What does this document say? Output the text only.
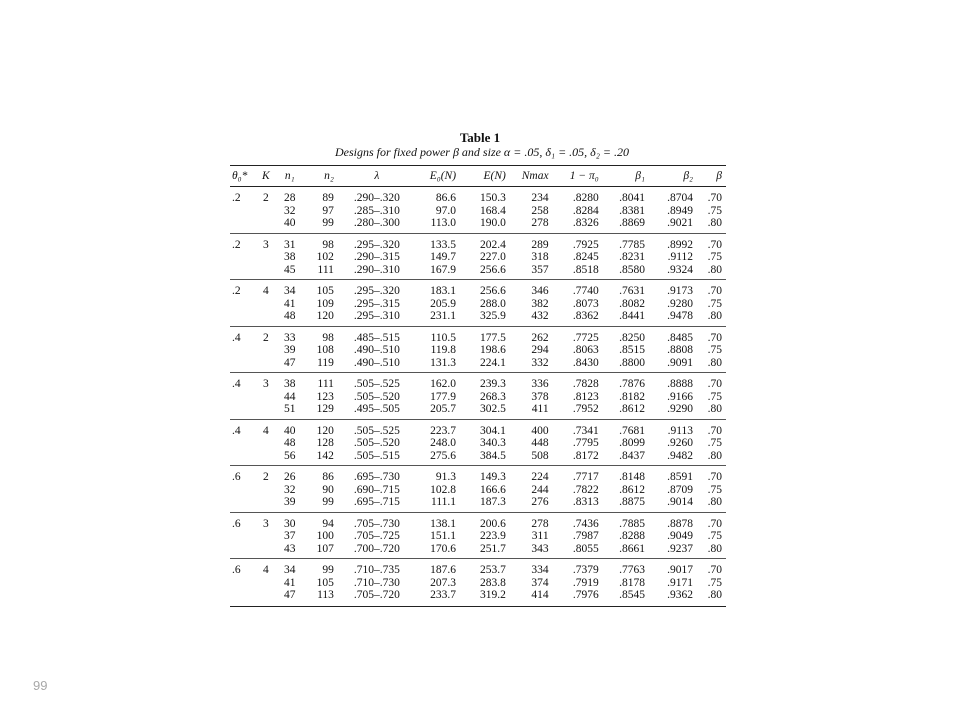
Table 1
Designs for fixed power β and size α = .05, δ₁ = .05, δ₂ = .20
θ₀*	K	n₁	n₂	λ	E₀(N)	E(N)	Nmax	1 − π₀	β₁	β₂	β
.2	2	28	89	.290–.320	86.6	150.3	234	.8280	.8041	.8704	.70
		32	97	.285–.310	97.0	168.4	258	.8284	.8381	.8949	.75
		40	99	.280–.300	113.0	190.0	278	.8326	.8869	.9021	.80
.2	3	31	98	.295–.320	133.5	202.4	289	.7925	.7785	.8992	.70
		38	102	.290–.315	149.7	227.0	318	.8245	.8231	.9112	.75
		45	111	.290–.310	167.9	256.6	357	.8518	.8580	.9324	.80
.2	4	34	105	.295–.320	183.1	256.6	346	.7740	.7631	.9173	.70
		41	109	.295–.315	205.9	288.0	382	.8073	.8082	.9280	.75
		48	120	.295–.310	231.1	325.9	432	.8362	.8441	.9478	.80
.4	2	33	98	.485–.515	110.5	177.5	262	.7725	.8250	.8485	.70
		39	108	.490–.510	119.8	198.6	294	.8063	.8515	.8808	.75
		47	119	.490–.510	131.3	224.1	332	.8430	.8800	.9091	.80
.4	3	38	111	.505–.525	162.0	239.3	336	.7828	.7876	.8888	.70
		44	123	.505–.520	177.9	268.3	378	.8123	.8182	.9166	.75
		51	129	.495–.505	205.7	302.5	411	.7952	.8612	.9290	.80
.4	4	40	120	.505–.525	223.7	304.1	400	.7341	.7681	.9113	.70
		48	128	.505–.520	248.0	340.3	448	.7795	.8099	.9260	.75
		56	142	.505–.515	275.6	384.5	508	.8172	.8437	.9482	.80
.6	2	26	86	.695–.730	91.3	149.3	224	.7717	.8148	.8591	.70
		32	90	.690–.715	102.8	166.6	244	.7822	.8612	.8709	.75
		39	99	.695–.715	111.1	187.3	276	.8313	.8875	.9014	.80
.6	3	30	94	.705–.730	138.1	200.6	278	.7436	.7885	.8878	.70
		37	100	.705–.725	151.1	223.9	311	.7987	.8288	.9049	.75
		43	107	.700–.720	170.6	251.7	343	.8055	.8661	.9237	.80
.6	4	34	99	.710–.735	187.6	253.7	334	.7379	.7763	.9017	.70
		41	105	.710–.730	207.3	283.8	374	.7919	.8178	.9171	.75
		47	113	.705–.720	233.7	319.2	414	.7976	.8545	.9362	.80
99
